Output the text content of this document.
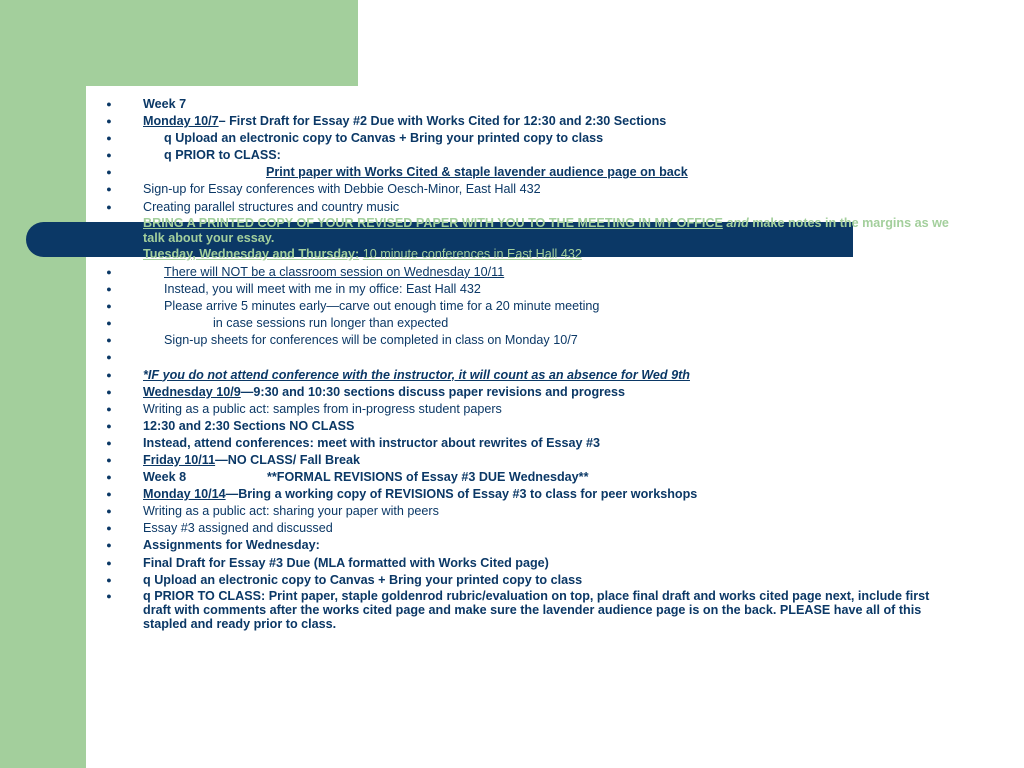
●	Week 7
●	Monday 10/7– First Draft for Essay #2 Due with Works Cited for 12:30 and 2:30 Sections
●	q Upload an electronic copy to Canvas + Bring your printed copy to class
●	q PRIOR to CLASS:
●	Print paper with Works Cited & staple lavender audience page on back
●	Sign-up for Essay conferences with Debbie Oesch-Minor, East Hall 432
●	Creating parallel structures and country music
BRING A PRINTED COPY OF YOUR REVISED PAPER WITH YOU TO THE MEETING IN MY OFFICE and make notes in the margins as we talk about your essay.
●	Tuesday, Wednesday and Thursday: 10 minute conferences in East Hall 432
●	There will NOT be a classroom session on Wednesday 10/11
●	Instead, you will meet with me in my office: East Hall 432
●	Please arrive 5 minutes early—carve out enough time for a 20 minute meeting
●	in case sessions run longer than expected
●	Sign-up sheets for conferences will be completed in class on Monday 10/7
●
●	*IF you do not attend conference with the instructor, it will count as an absence for Wed 9th
●	Wednesday 10/9—9:30 and 10:30 sections discuss paper revisions and progress
●	Writing as a public act: samples from in-progress student papers
●	12:30 and 2:30 Sections NO CLASS
●	Instead, attend conferences: meet with instructor about rewrites of Essay #3
●	Friday 10/11—NO CLASS/ Fall Break
●	Week 8	**FORMAL REVISIONS of Essay #3 DUE Wednesday**
●	Monday 10/14—Bring a working copy of REVISIONS of Essay #3 to class for peer workshops
●	Writing as a public act: sharing your paper with peers
●	Essay #3 assigned and discussed
●	Assignments for Wednesday:
●	Final Draft for Essay #3 Due (MLA formatted with Works Cited page)
●	q Upload an electronic copy to Canvas + Bring your printed copy to class
●	q PRIOR TO CLASS: Print paper, staple goldenrod rubric/evaluation on top, place final draft and works cited page next, include first draft with comments after the works cited page and make sure the lavender audience page is on the back. PLEASE have all of this stapled and ready prior to class.
